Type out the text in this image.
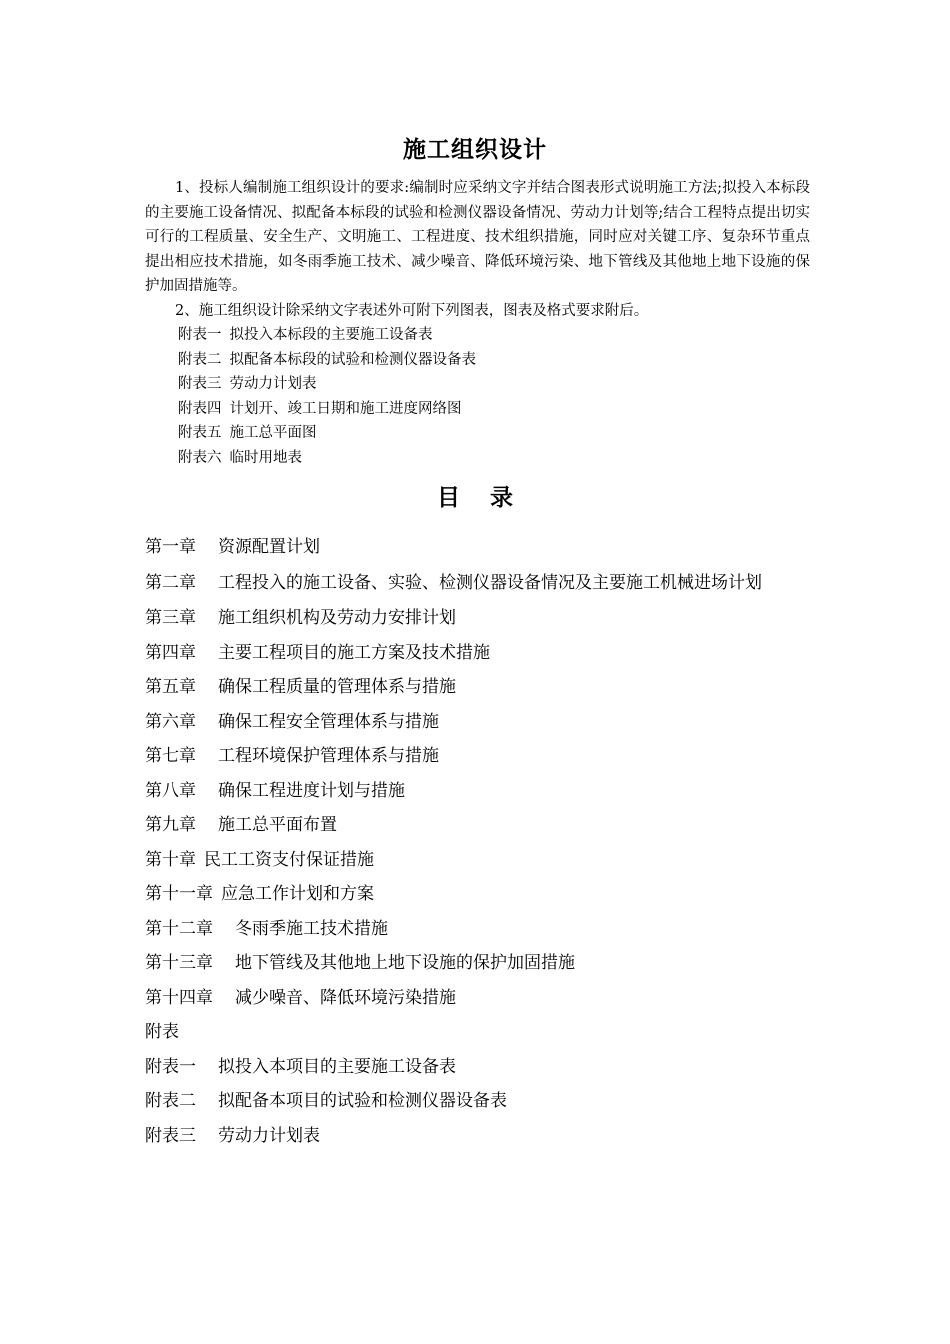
施工组织设计

1、投标人编制施工组织设计的要求:编制时应采纳文字并结合图表形式说明施工方法;拟投入本标段的主要施工设备情况、拟配备本标段的试验和检测仪器设备情况、劳动力计划等;结合工程特点提出切实可行的工程质量、安全生产、文明施工、工程进度、技术组织措施，同时应对关键工序、复杂环节重点提出相应技术措施，如冬雨季施工技术、减少噪音、降低环境污染、地下管线及其他地上地下设施的保护加固措施等。

2、施工组织设计除采纳文字表述外可附下列图表，图表及格式要求附后。

附表一 拟投入本标段的主要施工设备表
附表二 拟配备本标段的试验和检测仪器设备表
附表三 劳动力计划表
附表四 计划开、竣工日期和施工进度网络图
附表五 施工总平面图
附表六 临时用地表
目 录
第一章 资源配置计划
第二章 工程投入的施工设备、实验、检测仪器设备情况及主要施工机械进场计划
第三章 施工组织机构及劳动力安排计划
第四章 主要工程项目的施工方案及技术措施
第五章 确保工程质量的管理体系与措施
第六章 确保工程安全管理体系与措施
第七章 工程环境保护管理体系与措施
第八章 确保工程进度计划与措施
第九章 施工总平面布置
第十章 民工工资支付保证措施
第十一章 应急工作计划和方案
第十二章 冬雨季施工技术措施
第十三章 地下管线及其他地上地下设施的保护加固措施
第十四章 减少噪音、降低环境污染措施
附表
附表一 拟投入本项目的主要施工设备表
附表二 拟配备本项目的试验和检测仪器设备表
附表三 劳动力计划表
